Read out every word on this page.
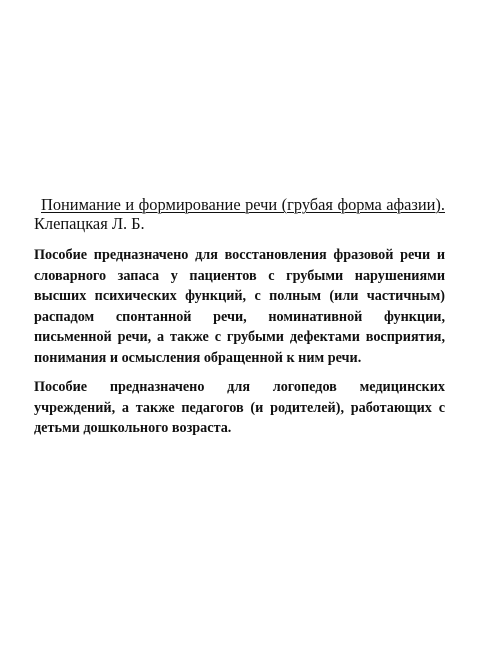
Понимание и формирование речи (грубая форма афазии). Клепацкая Л. Б.

Пособие предназначено для восстановления фразовой речи и словарного запаса у пациентов с грубыми нарушениями высших психических функций, с полным (или частичным) распадом спонтанной речи, номинативной функции, письменной речи, а также с грубыми дефектами восприятия, понимания и осмысления обращенной к ним речи.

Пособие предназначено для логопедов медицинских учреждений, а также педагогов (и родителей), работающих с детьми дошкольного возраста.
